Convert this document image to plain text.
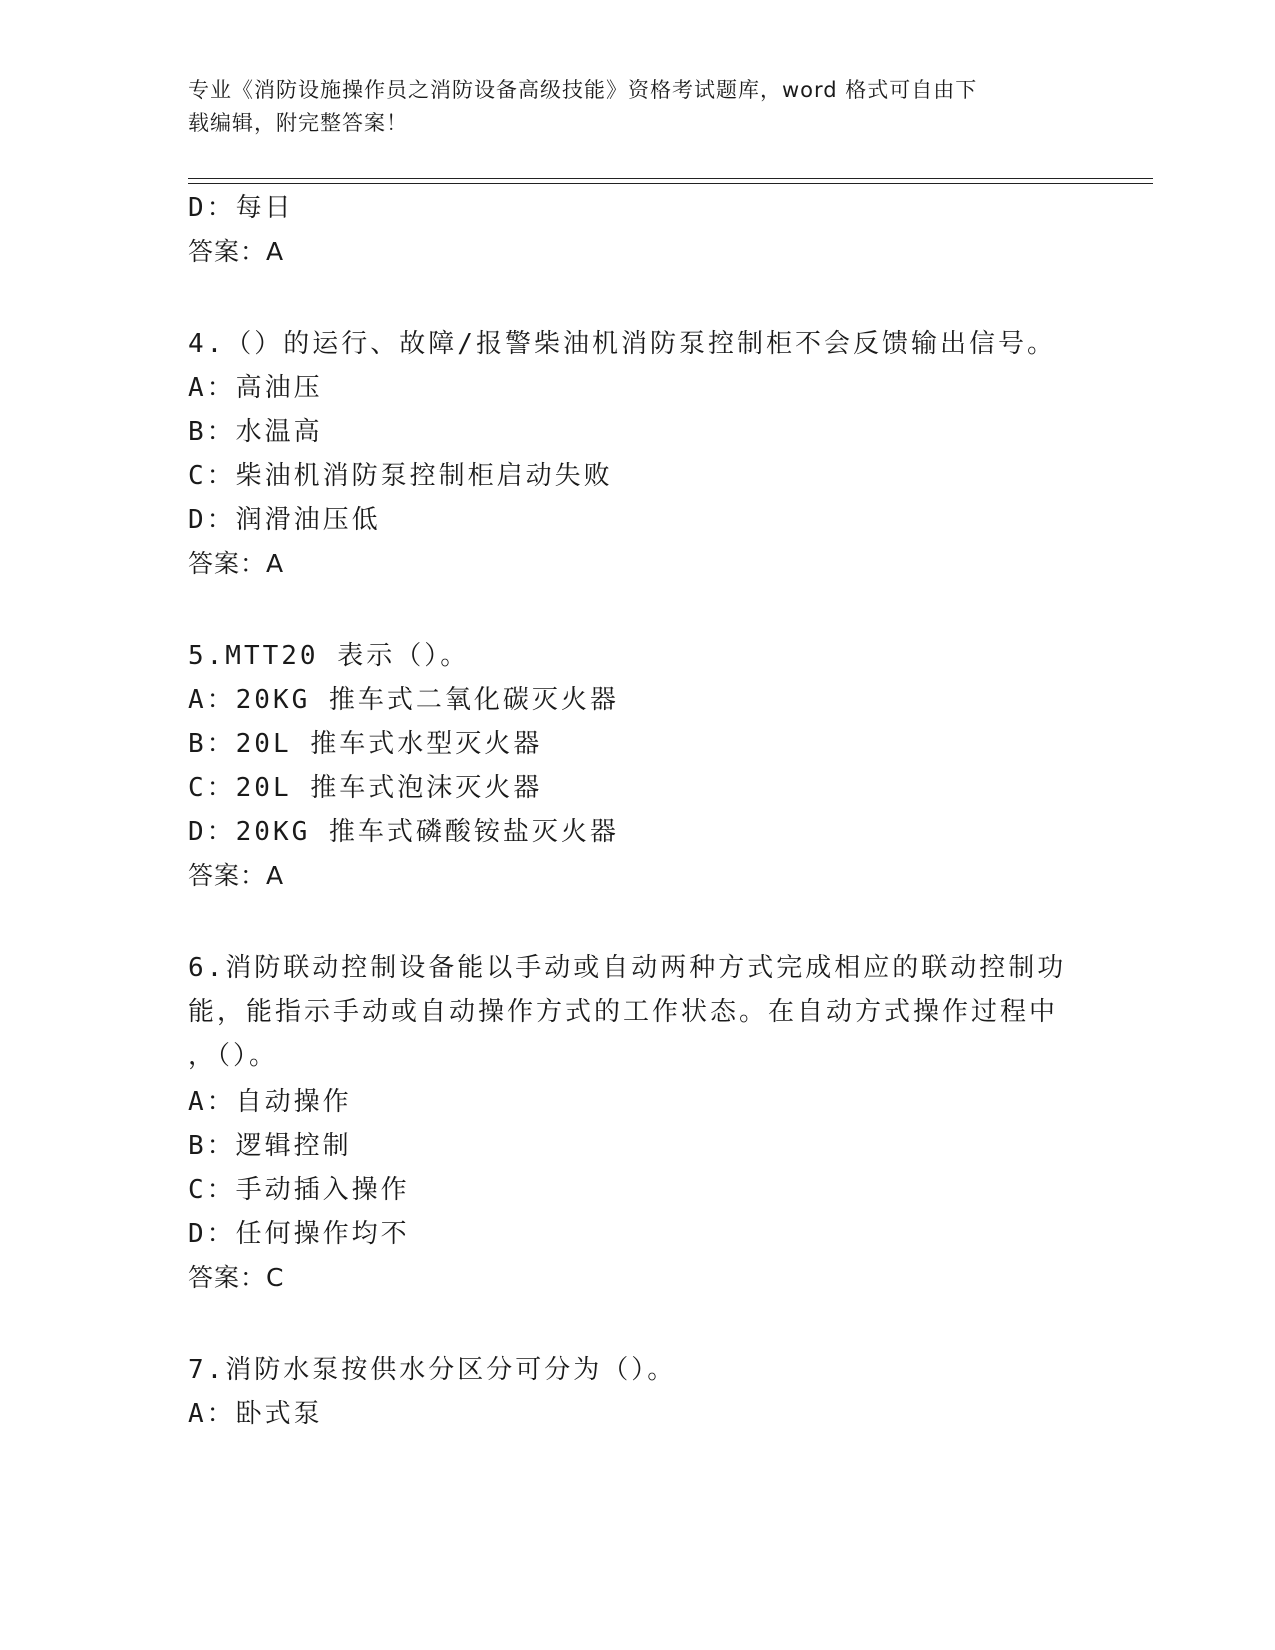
专业《消防设施操作员之消防设备高级技能》资格考试题库，word 格式可自由下
载编辑，附完整答案！
D：每日
答案：A
4.（）的运行、故障/报警柴油机消防泵控制柜不会反馈输出信号。
A：高油压
B：水温高
C：柴油机消防泵控制柜启动失败
D：润滑油压低
答案：A
5.MTT20 表示（）。
A：20KG 推车式二氧化碳灭火器
B：20L 推车式水型灭火器
C：20L 推车式泡沫灭火器
D：20KG 推车式磷酸铵盐灭火器
答案：A
6.消防联动控制设备能以手动或自动两种方式完成相应的联动控制功
能，能指示手动或自动操作方式的工作状态。在自动方式操作过程中
，（）。
A：自动操作
B：逻辑控制
C：手动插入操作
D：任何操作均不
答案：C
7.消防水泵按供水分区分可分为（）。
A：卧式泵
